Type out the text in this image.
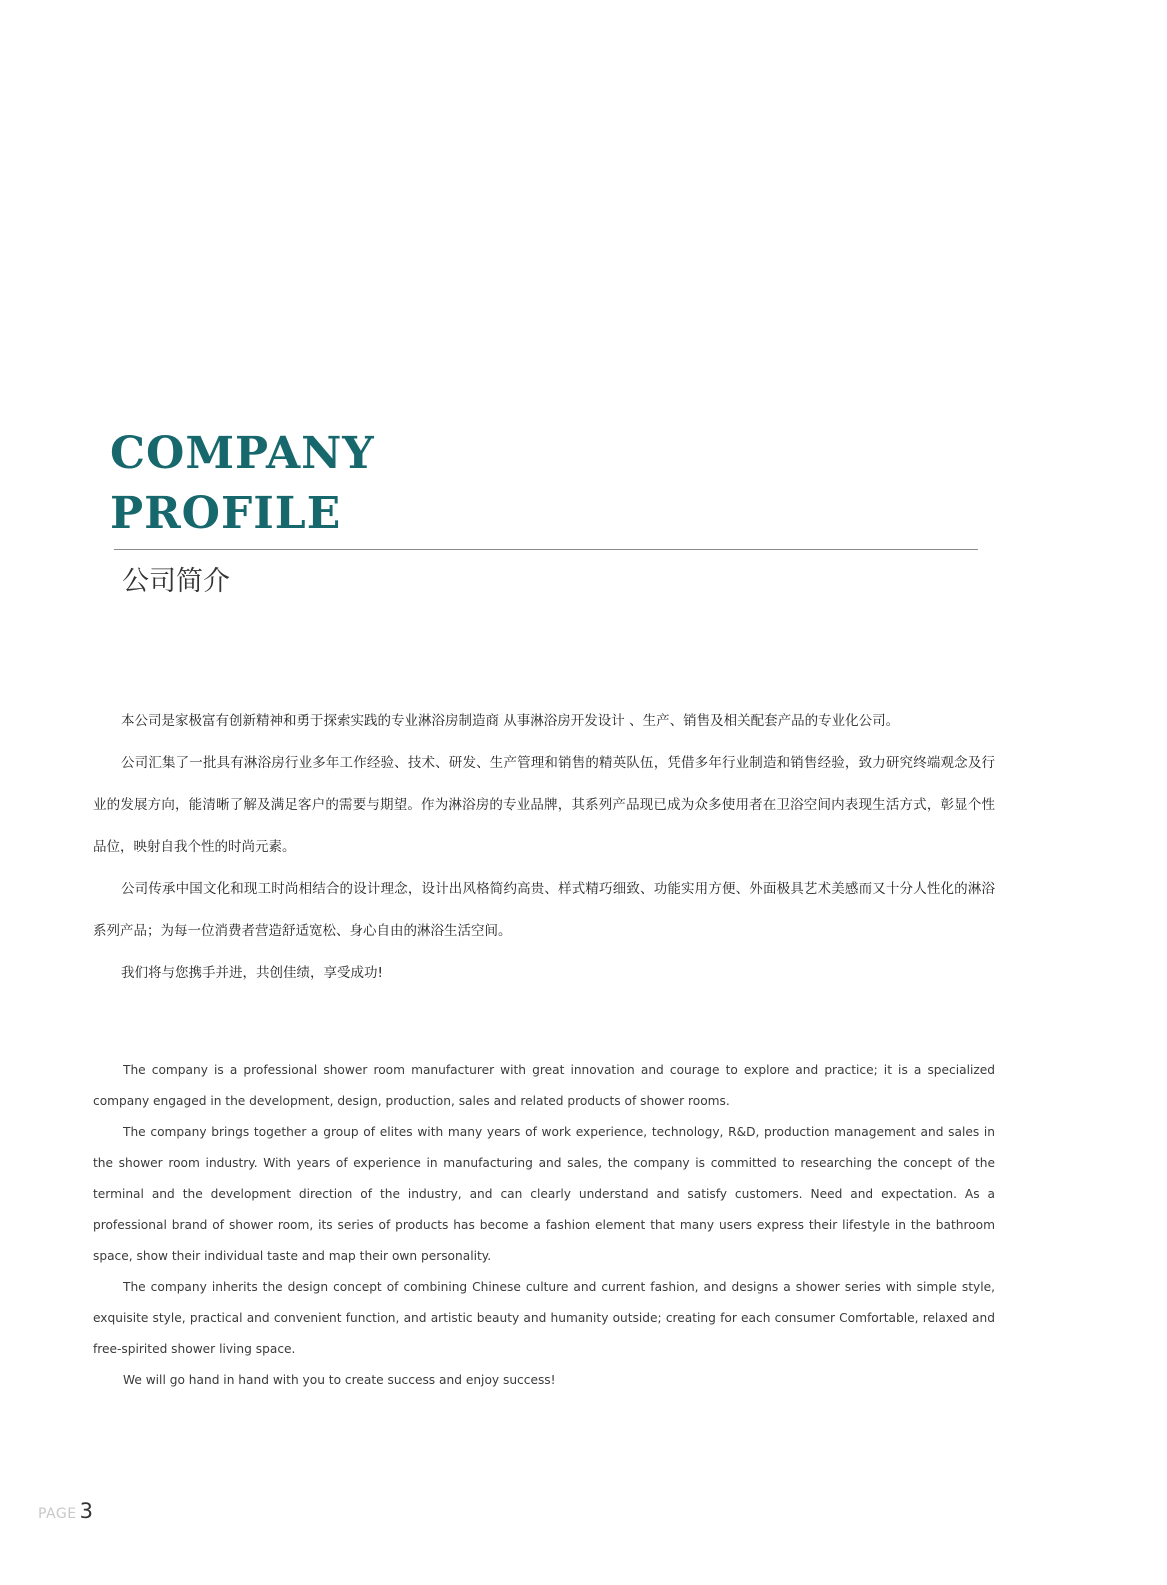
COMPANY
PROFILE
公司简介

本公司是家极富有创新精神和勇于探索实践的专业淋浴房制造商 从事淋浴房开发设计 、生产、销售及相关配套产品的专业化公司。

公司汇集了一批具有淋浴房行业多年工作经验、技术、研发、生产管理和销售的精英队伍，凭借多年行业制造和销售经验，致力研究终端观念及行业的发展方向，能清晰了解及满足客户的需要与期望。作为淋浴房的专业品牌，其系列产品现已成为众多使用者在卫浴空间内表现生活方式，彰显个性品位，映射自我个性的时尚元素。

公司传承中国文化和现工时尚相结合的设计理念，设计出风格简约高贵、样式精巧细致、功能实用方便、外面极具艺术美感而又十分人性化的淋浴系列产品；为每一位消费者营造舒适宽松、身心自由的淋浴生活空间。

我们将与您携手并进，共创佳绩，享受成功!

The company is a professional shower room manufacturer with great innovation and courage to explore and practice; it is a specialized company engaged in the development, design, production, sales and related products of shower rooms.

The company brings together a group of elites with many years of work experience, technology, R&D, production management and sales in the shower room industry. With years of experience in manufacturing and sales, the company is committed to researching the concept of the terminal and the development direction of the industry, and can clearly understand and satisfy customers. Need and expectation. As a professional brand of shower room, its series of products has become a fashion element that many users express their lifestyle in the bathroom space, show their individual taste and map their own personality.

The company inherits the design concept of combining Chinese culture and current fashion, and designs a shower series with simple style, exquisite style, practical and convenient function, and artistic beauty and humanity outside; creating for each consumer Comfortable, relaxed and free-spirited shower living space.

We will go hand in hand with you to create success and enjoy success!

PAGE 3
